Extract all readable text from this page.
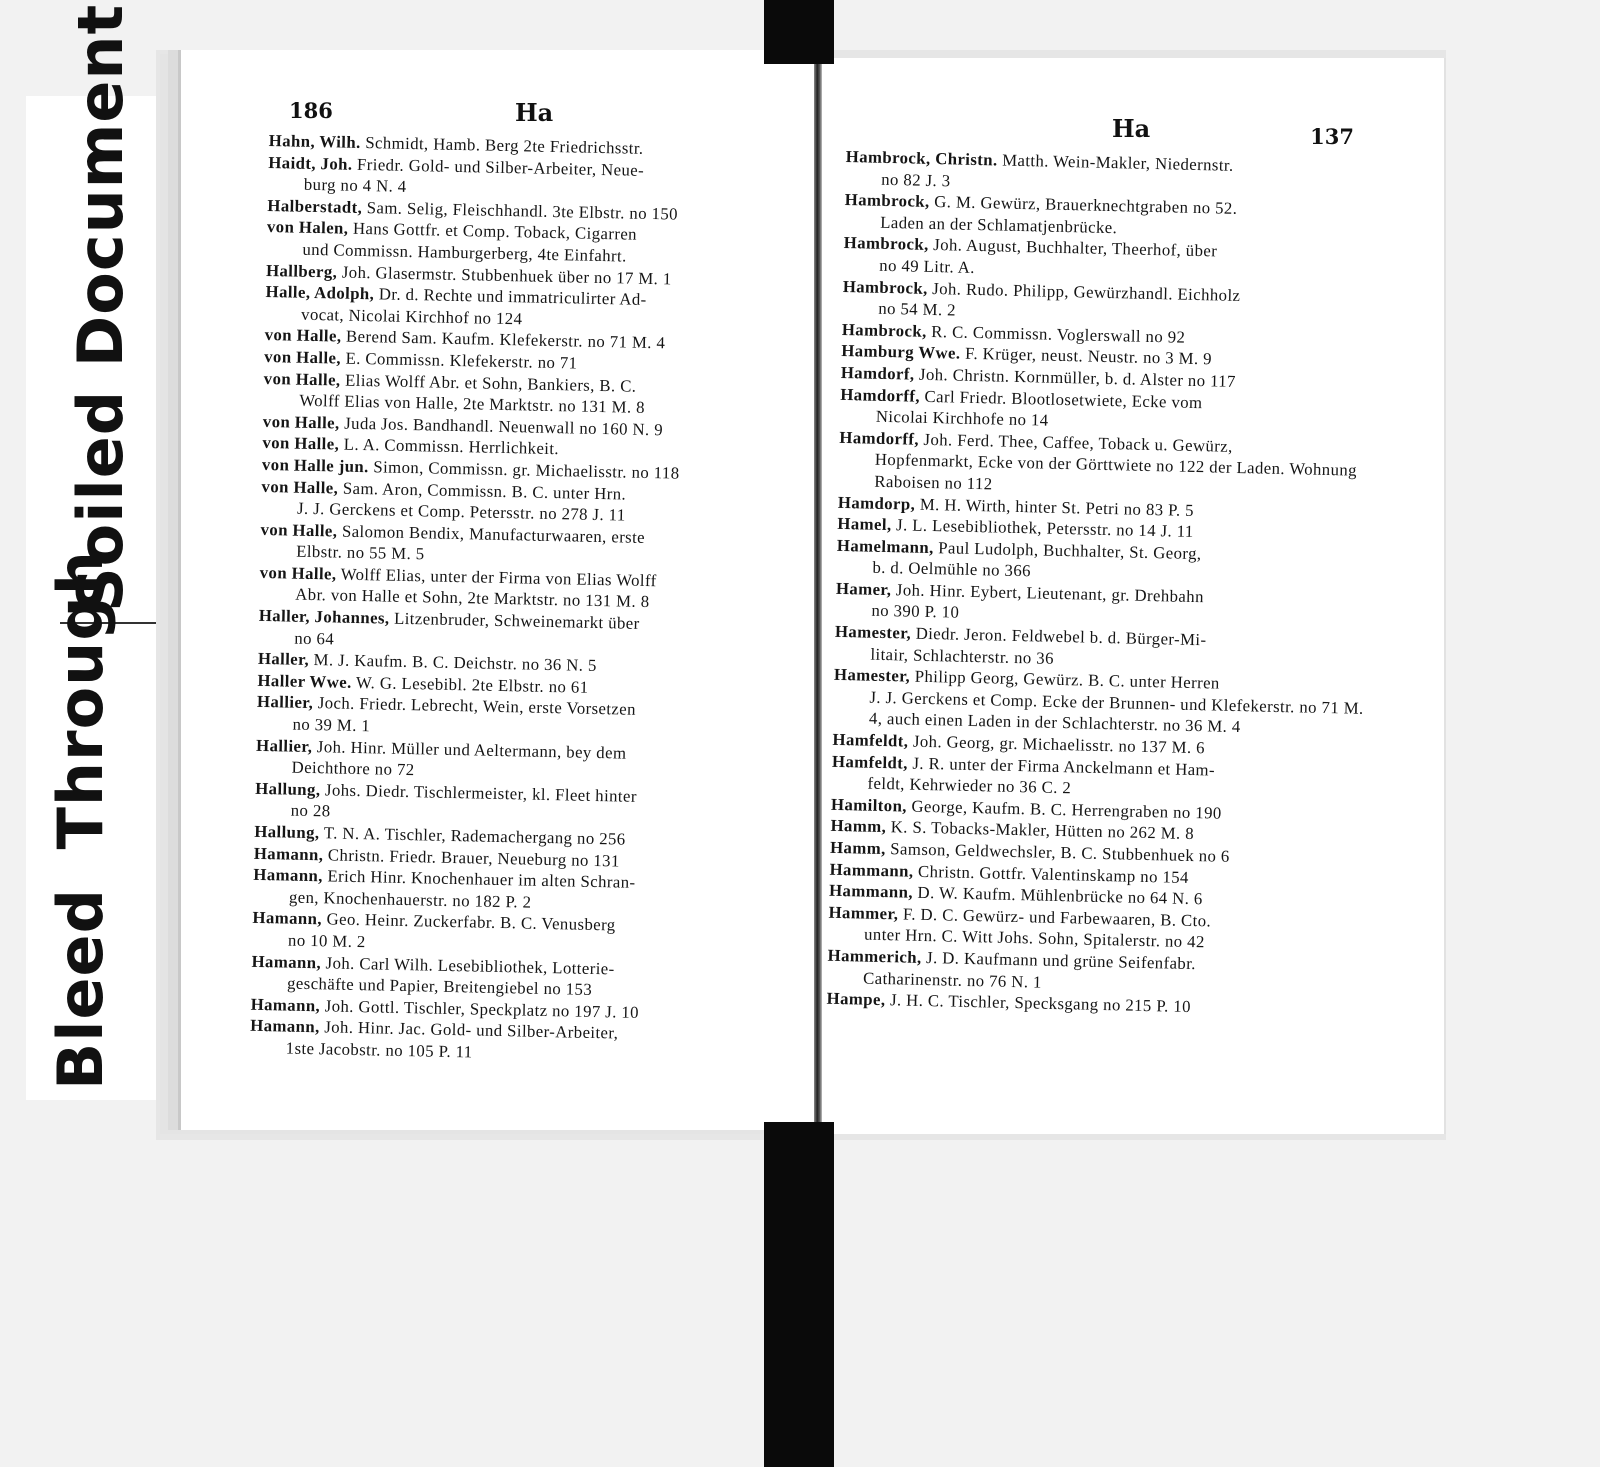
Soiled Document
Bleed Through
186	Ha
Hahn, Wilh. Schmidt, Hamb. Berg 2te Friedrichsstr.
Haidt, Joh. Friedr. Gold- und Silber-Arbeiter, Neue-
burg no 4 N. 4
Halberstadt, Sam. Selig, Fleischhandl. 3te Elbstr. no 150
von Halen, Hans Gottfr. et Comp. Toback, Cigarren
und Commissn. Hamburgerberg, 4te Einfahrt.
Hallberg, Joh. Glasermstr. Stubbenhuek über no 17 M. 1
Halle, Adolph, Dr. d. Rechte und immatriculirter Ad-
vocat, Nicolai Kirchhof no 124
von Halle, Berend Sam. Kaufm. Klefekerstr. no 71 M. 4
von Halle, E. Commissn. Klefekerstr. no 71
von Halle, Elias Wolff Abr. et Sohn, Bankiers, B. C.
Wolff Elias von Halle, 2te Marktstr. no 131 M. 8
von Halle, Juda Jos. Bandhandl. Neuenwall no 160 N. 9
von Halle, L. A. Commissn. Herrlichkeit.
von Halle jun. Simon, Commissn. gr. Michaelisstr. no 118
von Halle, Sam. Aron, Commissn. B. C. unter Hrn.
J. J. Gerckens et Comp. Petersstr. no 278 J. 11
von Halle, Salomon Bendix, Manufacturwaaren, erste
Elbstr. no 55 M. 5
von Halle, Wolff Elias, unter der Firma von Elias Wolff
Abr. von Halle et Sohn, 2te Marktstr. no 131 M. 8
Haller, Johannes, Litzenbruder, Schweinemarkt über
no 64
Haller, M. J. Kaufm. B. C. Deichstr. no 36 N. 5
Haller Wwe. W. G. Lesebibl. 2te Elbstr. no 61
Hallier, Joch. Friedr. Lebrecht, Wein, erste Vorsetzen
no 39 M. 1
Hallier, Joh. Hinr. Müller und Aeltermann, bey dem
Deichthore no 72
Hallung, Johs. Diedr. Tischlermeister, kl. Fleet hinter
no 28
Hallung, T. N. A. Tischler, Rademachergang no 256
Hamann, Christn. Friedr. Brauer, Neueburg no 131
Hamann, Erich Hinr. Knochenhauer im alten Schran-
gen, Knochenhauerstr. no 182 P. 2
Hamann, Geo. Heinr. Zuckerfabr. B. C. Venusberg
no 10 M. 2
Hamann, Joh. Carl Wilh. Lesebibliothek, Lotterie-
geschäfte und Papier, Breitengiebel no 153
Hamann, Joh. Gottl. Tischler, Speckplatz no 197 J. 10
Hamann, Joh. Hinr. Jac. Gold- und Silber-Arbeiter,
1ste Jacobstr. no 105 P. 11
Ha	137
Hambrock, Christn. Matth. Wein-Makler, Niedernstr.
no 82 J. 3
Hambrock, G. M. Gewürz, Brauerknechtgraben no 52.
Laden an der Schlamatjenbrücke.
Hambrock, Joh. August, Buchhalter, Theerhof, über
no 49 Litr. A.
Hambrock, Joh. Rudo. Philipp, Gewürzhandl. Eichholz
no 54 M. 2
Hambrock, R. C. Commissn. Voglerswall no 92
Hamburg Wwe. F. Krüger, neust. Neustr. no 3 M. 9
Hamdorf, Joh. Christn. Kornmüller, b. d. Alster no 117
Hamdorff, Carl Friedr. Blootlosetwiete, Ecke vom
Nicolai Kirchhofe no 14
Hamdorff, Joh. Ferd. Thee, Caffee, Toback u. Gewürz,
Hopfenmarkt, Ecke von der Görttwiete no 122 der Laden. Wohnung Raboisen no 112
Hamdorp, M. H. Wirth, hinter St. Petri no 83 P. 5
Hamel, J. L. Lesebibliothek, Petersstr. no 14 J. 11
Hamelmann, Paul Ludolph, Buchhalter, St. Georg,
b. d. Oelmühle no 366
Hamer, Joh. Hinr. Eybert, Lieutenant, gr. Drehbahn
no 390 P. 10
Hamester, Diedr. Jeron. Feldwebel b. d. Bürger-Mi-
litair, Schlachterstr. no 36
Hamester, Philipp Georg, Gewürz. B. C. unter Herren
J. J. Gerckens et Comp. Ecke der Brunnen- und Klefekerstr. no 71 M. 4, auch einen Laden in der Schlachterstr. no 36 M. 4
Hamfeldt, Joh. Georg, gr. Michaelisstr. no 137 M. 6
Hamfeldt, J. R. unter der Firma Anckelmann et Ham-
feldt, Kehrwieder no 36 C. 2
Hamilton, George, Kaufm. B. C. Herrengraben no 190
Hamm, K. S. Tobacks-Makler, Hütten no 262 M. 8
Hamm, Samson, Geldwechsler, B. C. Stubbenhuek no 6
Hammann, Christn. Gottfr. Valentinskamp no 154
Hammann, D. W. Kaufm. Mühlenbrücke no 64 N. 6
Hammer, F. D. C. Gewürz- und Farbewaaren, B. Cto.
unter Hrn. C. Witt Johs. Sohn, Spitalerstr. no 42
Hammerich, J. D. Kaufmann und grüne Seifenfabr.
Catharinenstr. no 76 N. 1
Hampe, J. H. C. Tischler, Specksgang no 215 P. 10
